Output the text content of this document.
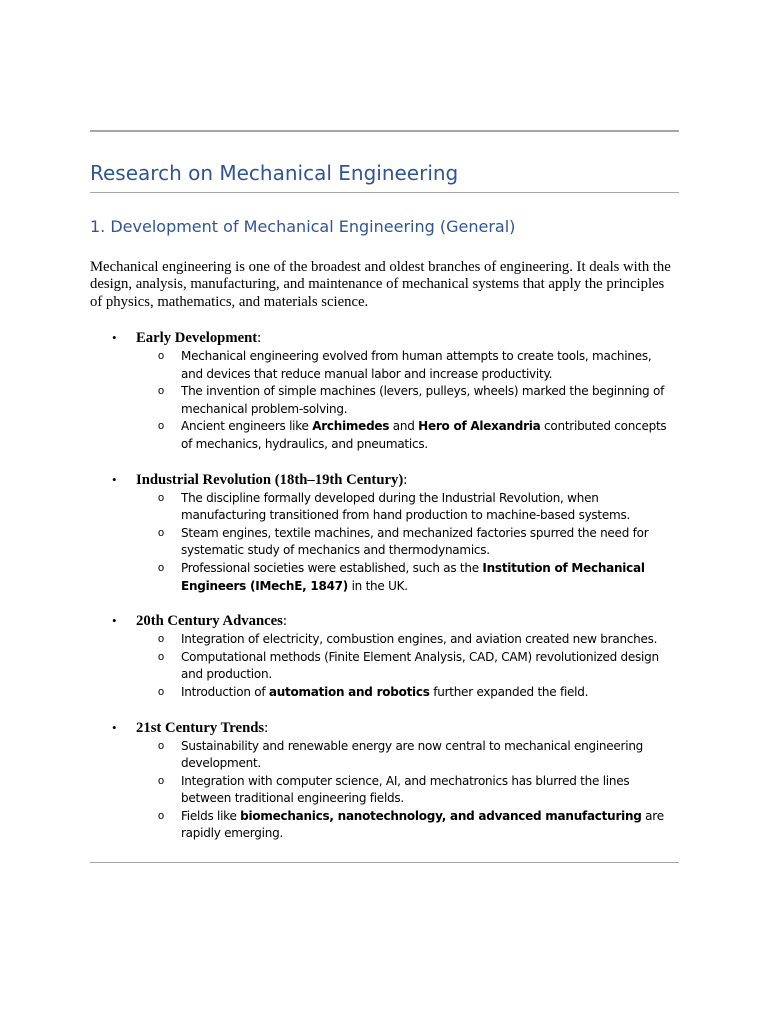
Research on Mechanical Engineering
1. Development of Mechanical Engineering (General)

Mechanical engineering is one of the broadest and oldest branches of engineering. It deals with the design, analysis, manufacturing, and maintenance of mechanical systems that apply the principles of physics, mathematics, and materials science.

• Early Development:

o Mechanical engineering evolved from human attempts to create tools, machines, and devices that reduce manual labor and increase productivity.

o The invention of simple machines (levers, pulleys, wheels) marked the beginning of mechanical problem-solving.

o Ancient engineers like Archimedes and Hero of Alexandria contributed concepts of mechanics, hydraulics, and pneumatics.

• Industrial Revolution (18th–19th Century):

o The discipline formally developed during the Industrial Revolution, when manufacturing transitioned from hand production to machine-based systems.

o Steam engines, textile machines, and mechanized factories spurred the need for systematic study of mechanics and thermodynamics.

o Professional societies were established, such as the Institution of Mechanical Engineers (IMechE, 1847) in the UK.

• 20th Century Advances:

o Integration of electricity, combustion engines, and aviation created new branches.

o Computational methods (Finite Element Analysis, CAD, CAM) revolutionized design and production.

o Introduction of automation and robotics further expanded the field.

• 21st Century Trends:

o Sustainability and renewable energy are now central to mechanical engineering development.

o Integration with computer science, AI, and mechatronics has blurred the lines between traditional engineering fields.

o Fields like biomechanics, nanotechnology, and advanced manufacturing are rapidly emerging.
